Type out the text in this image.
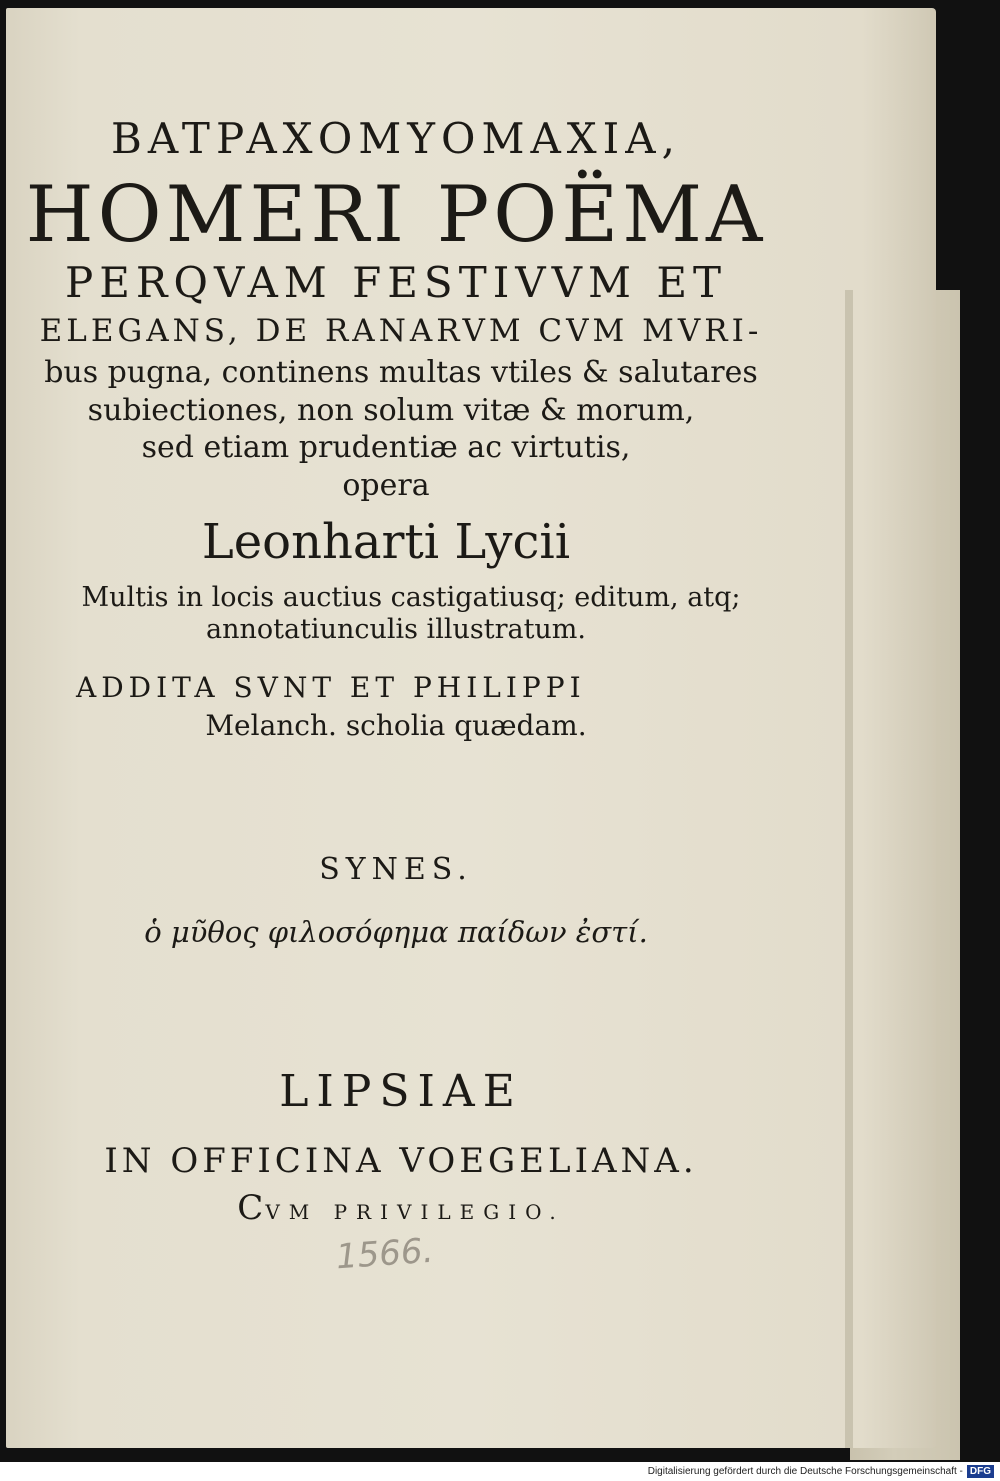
BATPAXOMYOMAXIA,

HOMERI POËMA

PERQVAM FESTIVVM ET

ELEGANS, DE RANARVM CVM MVRI-

bus pugna, continens multas vtiles & salutares

subiectiones, non solum vitæ & morum,

sed etiam prudentiæ ac virtutis,

opera

Leonharti Lycii

Multis in locis auctius castigatiusq; editum, atq;

annotatiunculis illustratum.

ADDITA SVNT ET PHILIPPI

Melanch. scholia quædam.

SYNES.

ὁ μῦθος φιλοσόφημα παίδων ἐστί.

LIPSIAE

IN OFFICINA VOEGELIANA.

CVM PRIVILEGIO.

1566.

Digitalisierung gefördert durch die Deutsche Forschungsgemeinschaft - DFG
